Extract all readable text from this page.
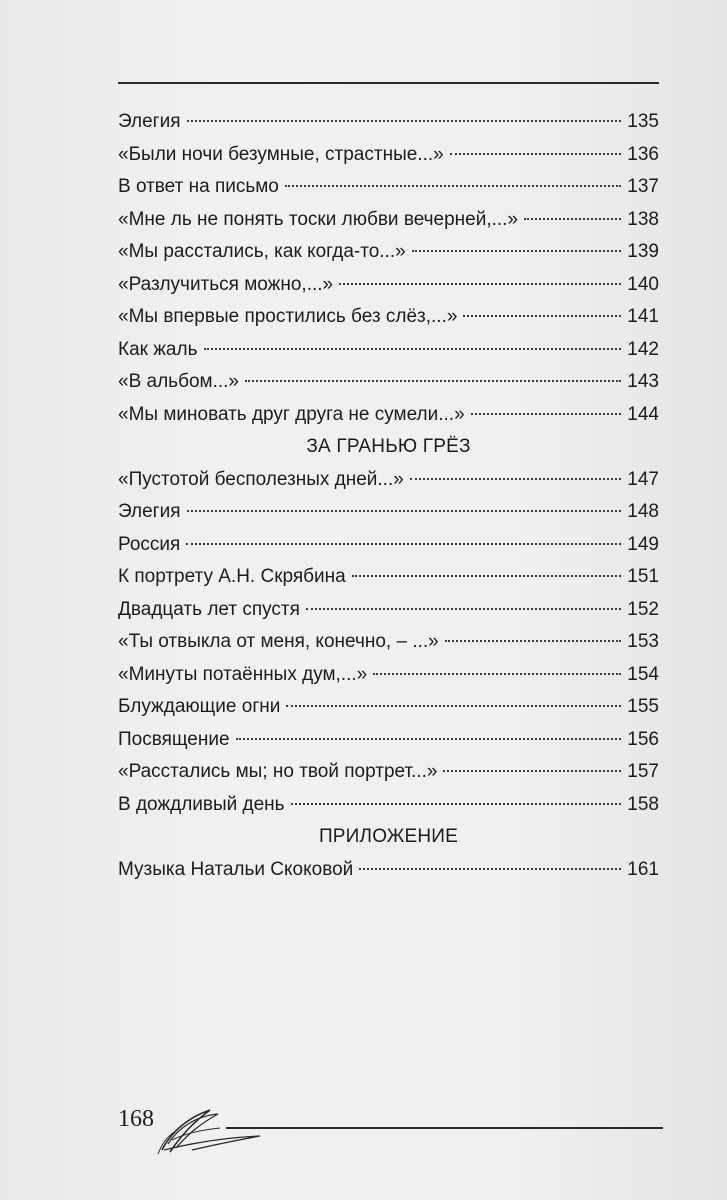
Элегия	135
«Были ночи безумные, страстные...»	136
В ответ на письмо	137
«Мне ль не понять тоски любви вечерней,...»	138
«Мы расстались, как когда-то...»	139
«Разлучиться можно,...»	140
«Мы впервые простились без слёз,...»	141
Как жаль	142
«В альбом...»	143
«Мы миновать друг друга не сумели...»	144
ЗА ГРАНЬЮ ГРЁЗ
«Пустотой бесполезных дней...»	147
Элегия	148
Россия	149
К портрету А.Н. Скрябина	151
Двадцать лет спустя	152
«Ты отвыкла от меня, конечно, – ...»	153
«Минуты потаённых дум,...»	154
Блуждающие огни	155
Посвящение	156
«Расстались мы; но твой портрет...»	157
В дождливый день	158
ПРИЛОЖЕНИЕ
Музыка Натальи Скоковой	161
168
